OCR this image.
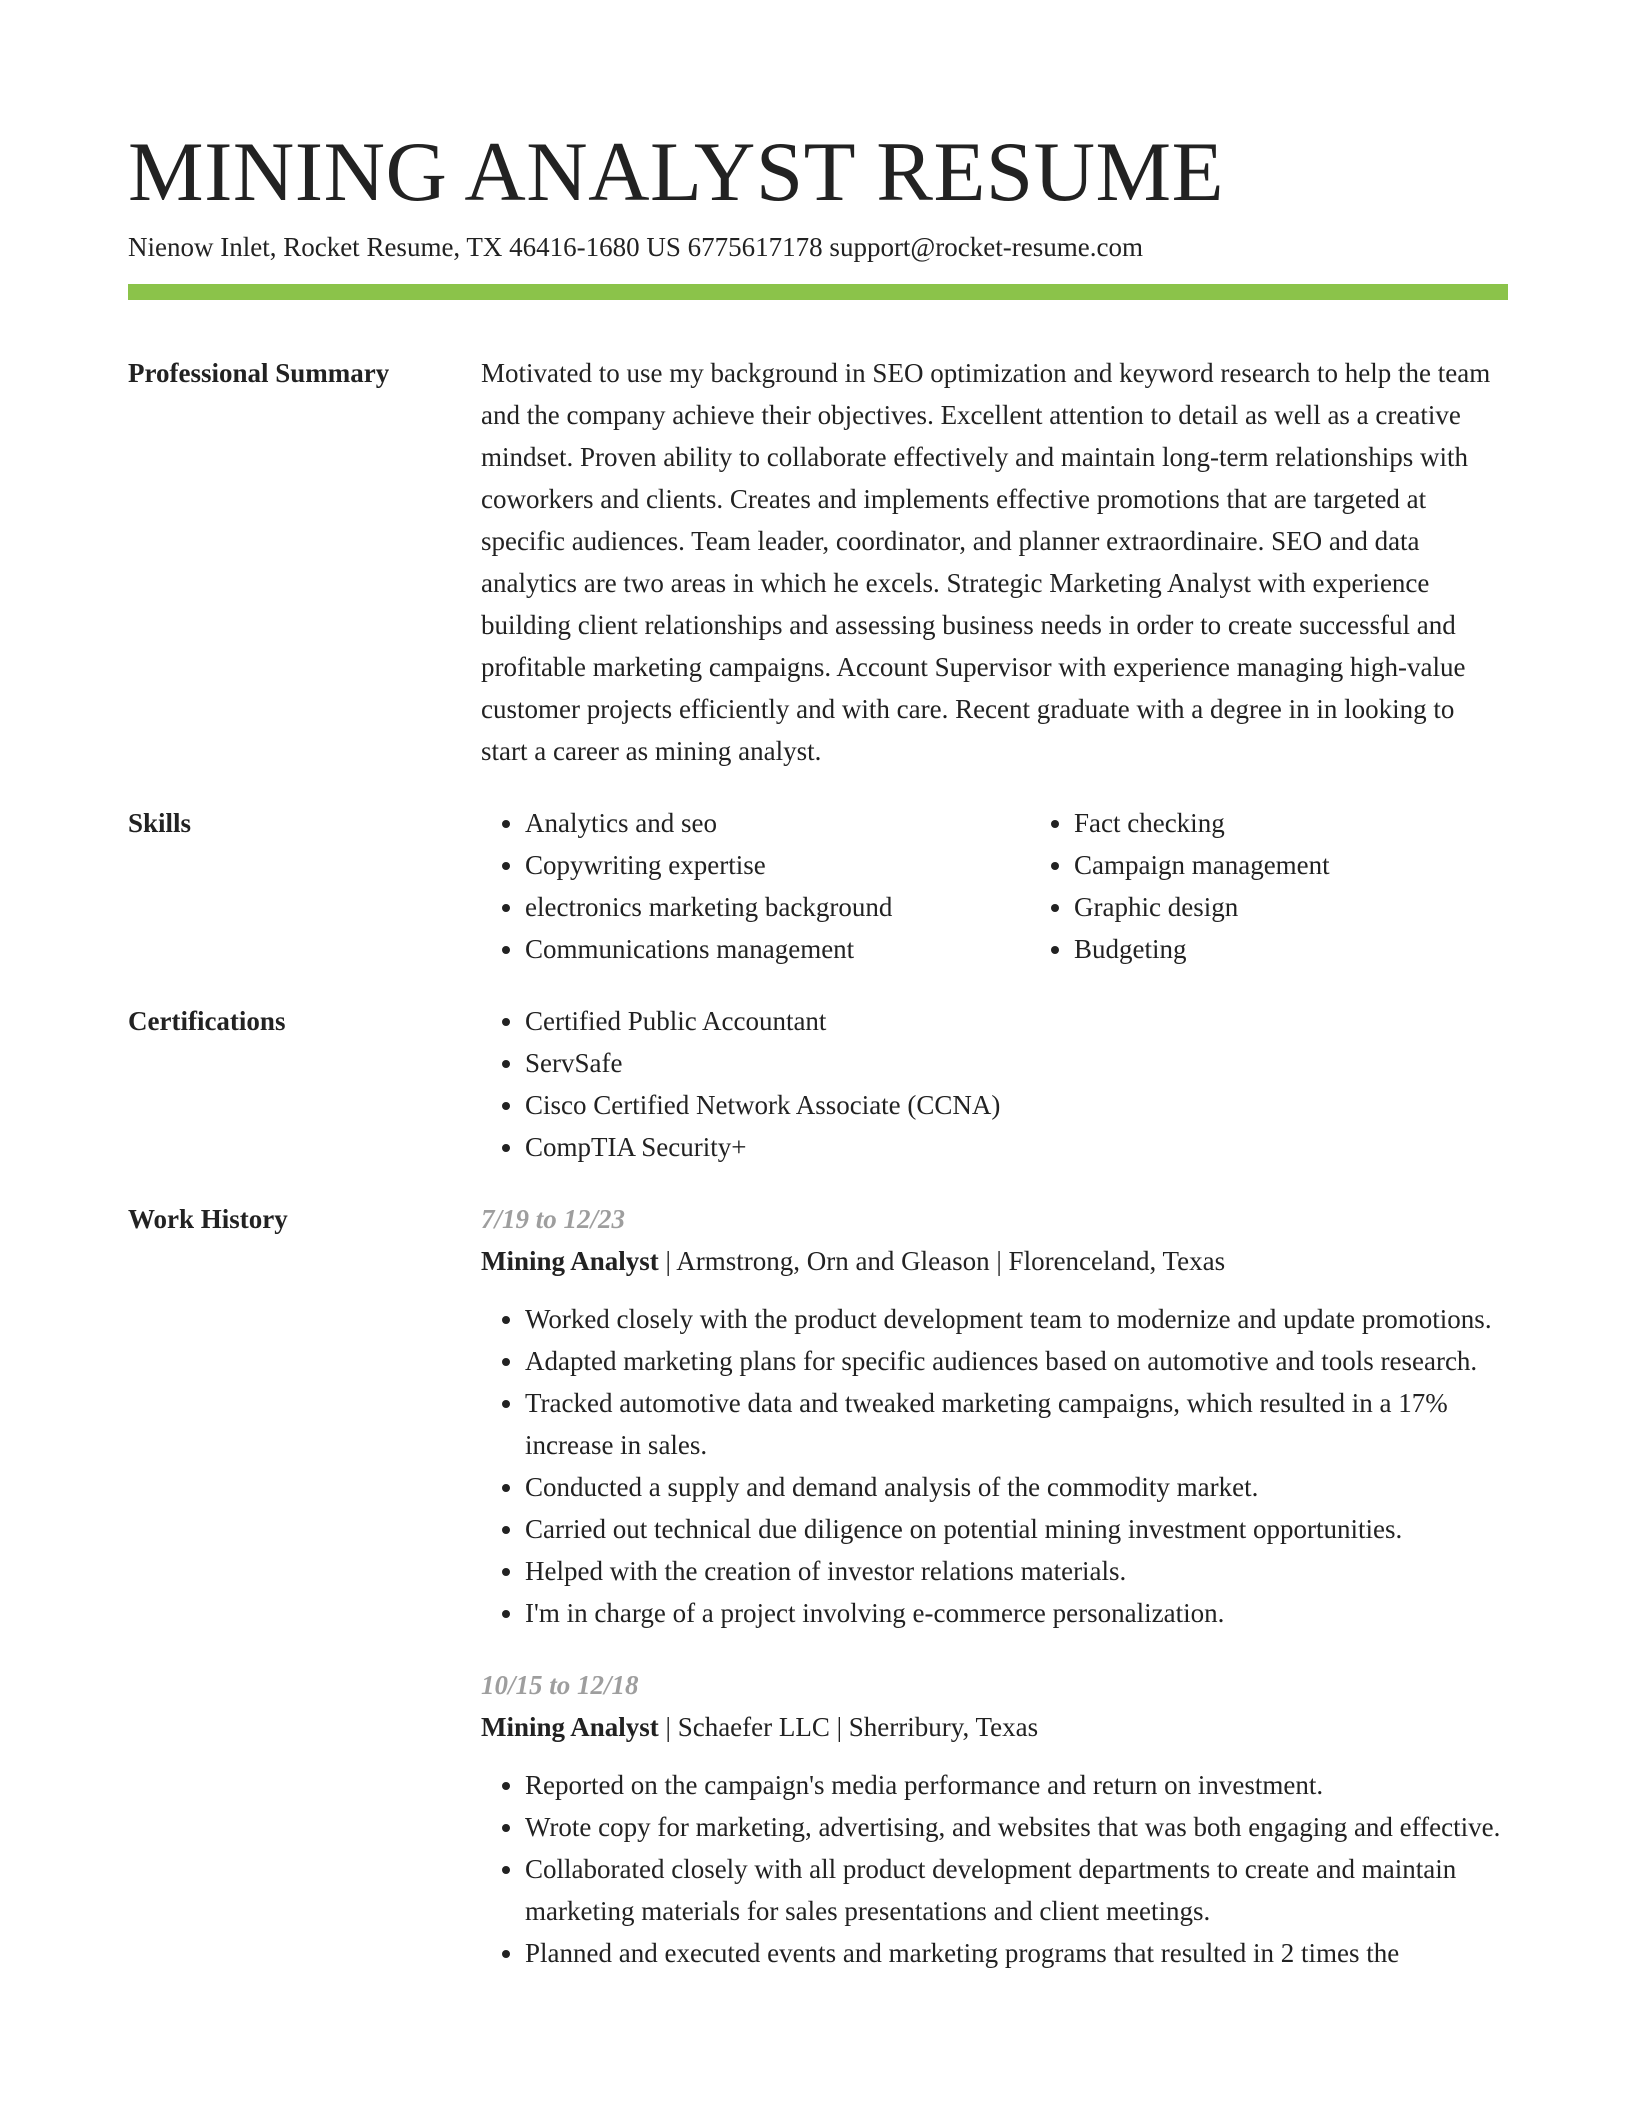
MINING ANALYST RESUME
Nienow Inlet, Rocket Resume, TX 46416-1680 US 6775617178 support@rocket-resume.com
Professional Summary	Motivated to use my background in SEO optimization and keyword research to help the team and the company achieve their objectives. Excellent attention to detail as well as a creative mindset. Proven ability to collaborate effectively and maintain long-term relationships with coworkers and clients. Creates and implements effective promotions that are targeted at specific audiences. Team leader, coordinator, and planner extraordinaire. SEO and data analytics are two areas in which he excels. Strategic Marketing Analyst with experience building client relationships and assessing business needs in order to create successful and profitable marketing campaigns. Account Supervisor with experience managing high-value customer projects efficiently and with care. Recent graduate with a degree in in looking to start a career as mining analyst.

Skills	• Analytics and seo
• Copywriting expertise
• electronics marketing background
• Communications management
• Fact checking
• Campaign management
• Graphic design
• Budgeting
Certifications	• Certified Public Accountant
• ServSafe
• Cisco Certified Network Associate (CCNA)
• CompTIA Security+
Work History	7/19 to 12/23
Mining Analyst | Armstrong, Orn and Gleason | Florenceland, Texas
• Worked closely with the product development team to modernize and update promotions.
• Adapted marketing plans for specific audiences based on automotive and tools research.
• Tracked automotive data and tweaked marketing campaigns, which resulted in a 17% increase in sales.
• Conducted a supply and demand analysis of the commodity market.
• Carried out technical due diligence on potential mining investment opportunities.
• Helped with the creation of investor relations materials.
• I'm in charge of a project involving e-commerce personalization.
10/15 to 12/18
Mining Analyst | Schaefer LLC | Sherribury, Texas
• Reported on the campaign's media performance and return on investment.
• Wrote copy for marketing, advertising, and websites that was both engaging and effective.
• Collaborated closely with all product development departments to create and maintain marketing materials for sales presentations and client meetings.
• Planned and executed events and marketing programs that resulted in 2 times the
